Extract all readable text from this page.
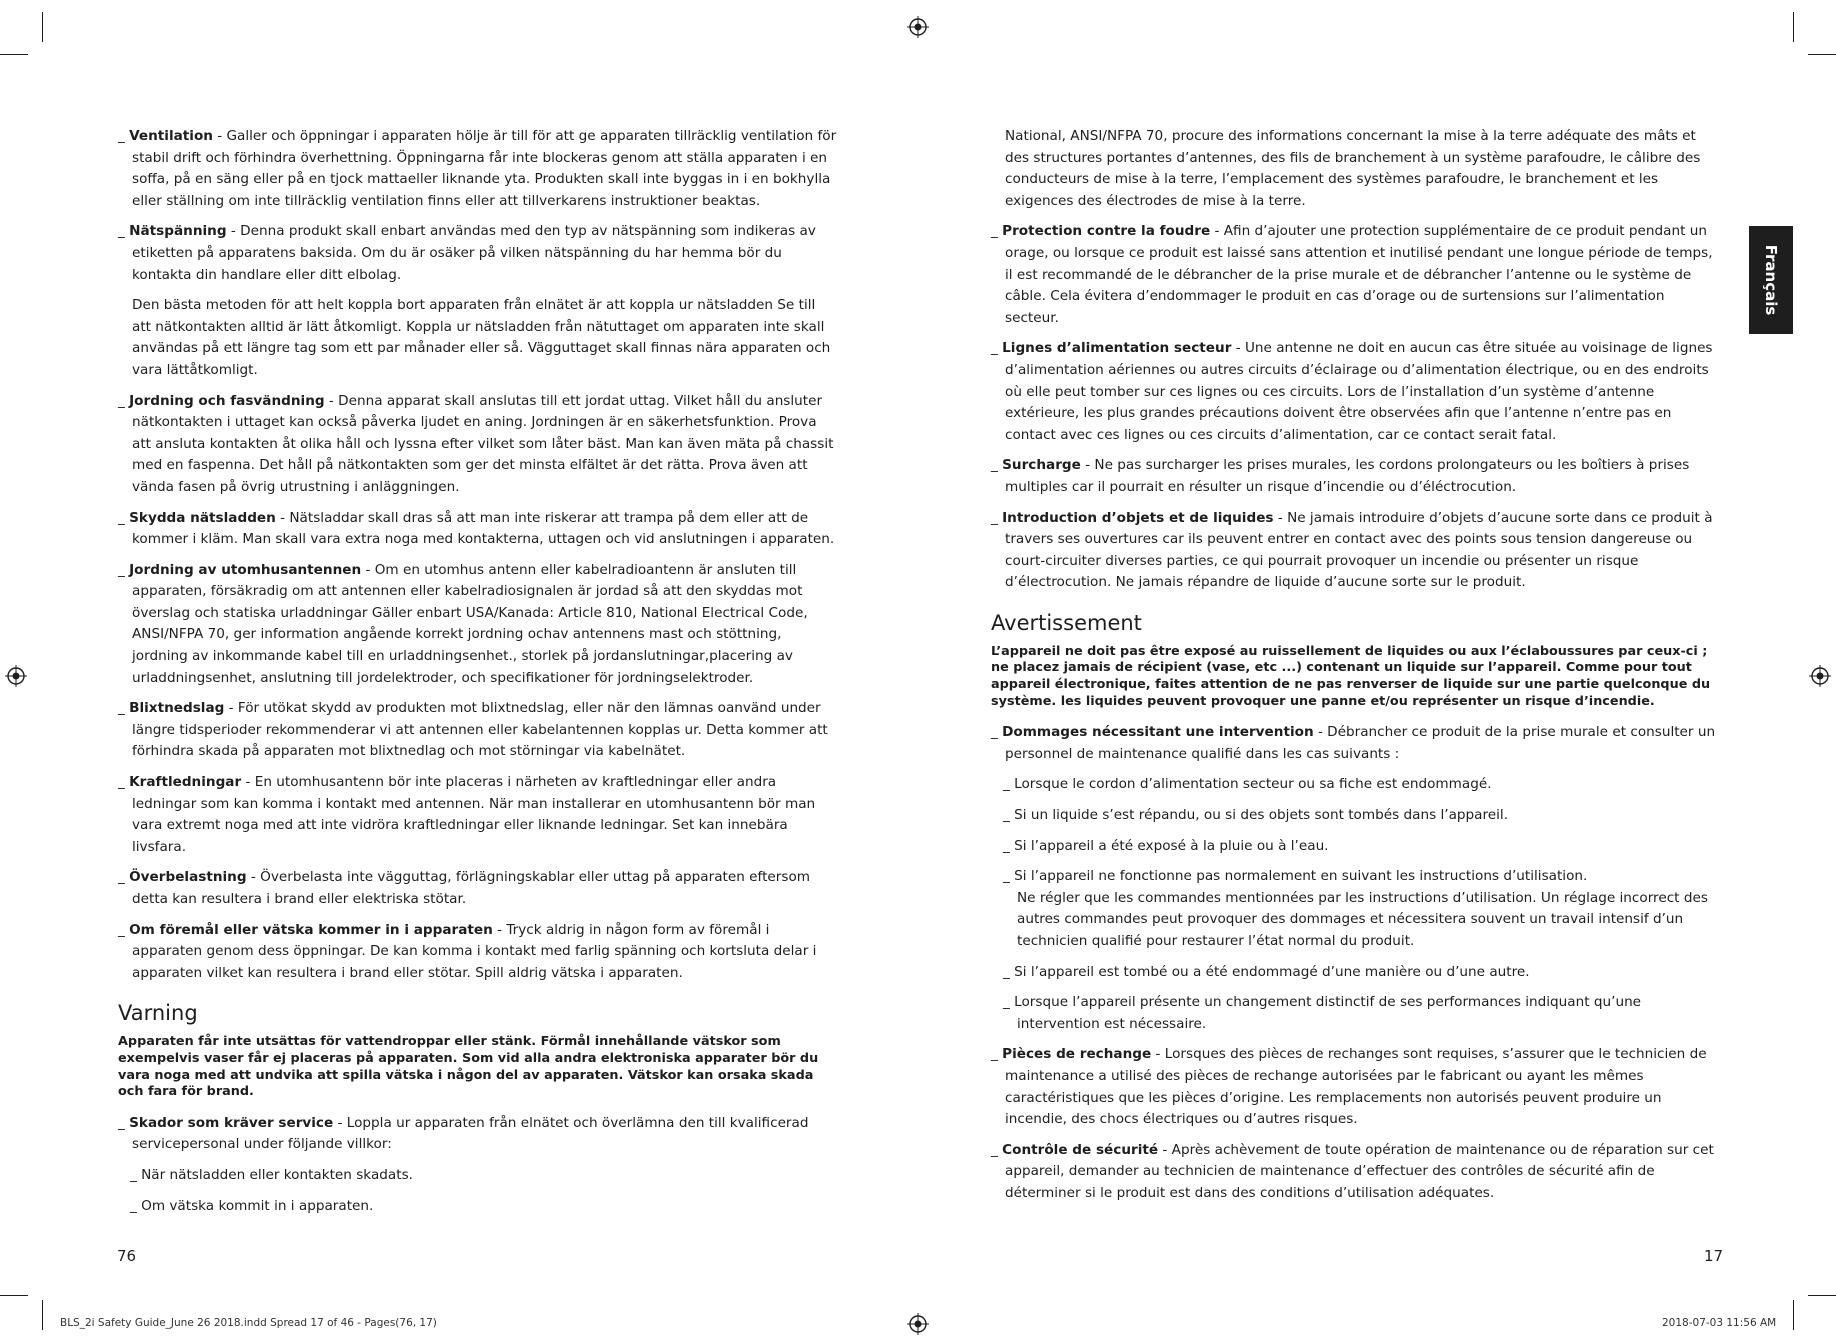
_ Ventilation - Galler och öppningar i apparaten hölje är till för att ge apparaten tillräcklig ventilation för stabil drift och förhindra överhettning. Öppningarna får inte blockeras genom att ställa apparaten i en soffa, på en säng eller på en tjock mattaeller liknande yta. Produkten skall inte byggas in i en bokhylla eller ställning om inte tillräcklig ventilation finns eller att tillverkarens instruktioner beaktas.

_ Nätspänning - Denna produkt skall enbart användas med den typ av nätspänning som indikeras av etiketten på apparatens baksida. Om du är osäker på vilken nätspänning du har hemma bör du kontakta din handlare eller ditt elbolag.

Den bästa metoden för att helt koppla bort apparaten från elnätet är att koppla ur nätsladden Se till att nätkontakten alltid är lätt åtkomligt. Koppla ur nätsladden från nätuttaget om apparaten inte skall användas på ett längre tag som ett par månader eller så. Vägguttaget skall finnas nära apparaten och vara lättåtkomligt.

_ Jordning och fasvändning - Denna apparat skall anslutas till ett jordat uttag. Vilket håll du ansluter nätkontakten i uttaget kan också påverka ljudet en aning. Jordningen är en säkerhetsfunktion. Prova att ansluta kontakten åt olika håll och lyssna efter vilket som låter bäst. Man kan även mäta på chassit med en faspenna. Det håll på nätkontakten som ger det minsta elfältet är det rätta. Prova även att vända fasen på övrig utrustning i anläggningen.

_ Skydda nätsladden - Nätsladdar skall dras så att man inte riskerar att trampa på dem eller att de kommer i kläm. Man skall vara extra noga med kontakterna, uttagen och vid anslutningen i apparaten.

_ Jordning av utomhusantennen - Om en utomhus antenn eller kabelradioantenn är ansluten till apparaten, försäkradig om att antennen eller kabelradiosignalen är jordad så att den skyddas mot överslag och statiska urladdningar Gäller enbart USA/Kanada: Article 810, National Electrical Code, ANSI/NFPA 70, ger information angående korrekt jordning ochav antennens mast och stöttning, jordning av inkommande kabel till en urladdningsenhet., storlek på jordanslutningar,placering av urladdningsenhet, anslutning till jordelektroder, och specifikationer för jordningselektroder.

_ Blixtnedslag - För utökat skydd av produkten mot blixtnedslag, eller när den lämnas oanvänd under längre tidsperioder rekommenderar vi att antennen eller kabelantennen kopplas ur. Detta kommer att förhindra skada på apparaten mot blixtnedlag och mot störningar via kabelnätet.

_ Kraftledningar - En utomhusantenn bör inte placeras i närheten av kraftledningar eller andra ledningar som kan komma i kontakt med antennen. När man installerar en utomhusantenn bör man vara extremt noga med att inte vidröra kraftledningar eller liknande ledningar. Set kan innebära livsfara.

_ Överbelastning - Överbelasta inte vägguttag, förlägningskablar eller uttag på apparaten eftersom detta kan resultera i brand eller elektriska stötar.

_ Om föremål eller vätska kommer in i apparaten - Tryck aldrig in någon form av föremål i apparaten genom dess öppningar. De kan komma i kontakt med farlig spänning och kortsluta delar i apparaten vilket kan resultera i brand eller stötar. Spill aldrig vätska i apparaten.

Varning

Apparaten får inte utsättas för vattendroppar eller stänk. Förmål innehållande vätskor som exempelvis vaser får ej placeras på apparaten. Som vid alla andra elektroniska apparater bör du vara noga med att undvika att spilla vätska i någon del av apparaten. Vätskor kan orsaka skada och fara för brand.

_ Skador som kräver service - Loppla ur apparaten från elnätet och överlämna den till kvalificerad servicepersonal under följande villkor:

_ När nätsladden eller kontakten skadats.

_ Om vätska kommit in i apparaten.

National, ANSI/NFPA 70, procure des informations concernant la mise à la terre adéquate des mâts et des structures portantes d’antennes, des fils de branchement à un système parafoudre, le câlibre des conducteurs de mise à la terre, l’emplacement des systèmes parafoudre, le branchement et les exigences des électrodes de mise à la terre.

_ Protection contre la foudre - Afin d’ajouter une protection supplémentaire de ce produit pendant un orage, ou lorsque ce produit est laissé sans attention et inutilisé pendant une longue période de temps, il est recommandé de le débrancher de la prise murale et de débrancher l’antenne ou le système de câble. Cela évitera d’endommager le produit en cas d’orage ou de surtensions sur l’alimentation secteur.

_ Lignes d’alimentation secteur - Une antenne ne doit en aucun cas être située au voisinage de lignes d’alimentation aériennes ou autres circuits d’éclairage ou d’alimentation électrique, ou en des endroits où elle peut tomber sur ces lignes ou ces circuits. Lors de l’installation d’un système d’antenne extérieure, les plus grandes précautions doivent être observées afin que l’antenne n’entre pas en contact avec ces lignes ou ces circuits d’alimentation, car ce contact serait fatal.

_ Surcharge - Ne pas surcharger les prises murales, les cordons prolongateurs ou les boîtiers à prises multiples car il pourrait en résulter un risque d’incendie ou d’éléctrocution.

_ Introduction d’objets et de liquides - Ne jamais introduire d’objets d’aucune sorte dans ce produit à travers ses ouvertures car ils peuvent entrer en contact avec des points sous tension dangereuse ou court-circuiter diverses parties, ce qui pourrait provoquer un incendie ou présenter un risque d’électrocution. Ne jamais répandre de liquide d’aucune sorte sur le produit.

Avertissement

L’appareil ne doit pas être exposé au ruissellement de liquides ou aux l’éclaboussures par ceux-ci ; ne placez jamais de récipient (vase, etc ...) contenant un liquide sur l’appareil. Comme pour tout appareil électronique, faites attention de ne pas renverser de liquide sur une partie quelconque du système. les liquides peuvent provoquer une panne et/ou représenter un risque d’incendie.

_ Dommages nécessitant une intervention - Débrancher ce produit de la prise murale et consulter un personnel de maintenance qualifié dans les cas suivants :

_ Lorsque le cordon d’alimentation secteur ou sa fiche est endommagé.

_ Si un liquide s’est répandu, ou si des objets sont tombés dans l’appareil.

_ Si l’appareil a été exposé à la pluie ou à l’eau.

_ Si l’appareil ne fonctionne pas normalement en suivant les instructions d’utilisation.
Ne régler que les commandes mentionnées par les instructions d’utilisation. Un réglage incorrect des autres commandes peut provoquer des dommages et nécessitera souvent un travail intensif d’un technicien qualifié pour restaurer l’état normal du produit.

_ Si l’appareil est tombé ou a été endommagé d’une manière ou d’une autre.

_ Lorsque l’appareil présente un changement distinctif de ses performances indiquant qu’une intervention est nécessaire.

_ Pièces de rechange - Lorsques des pièces de rechanges sont requises, s’assurer que le technicien de maintenance a utilisé des pièces de rechange autorisées par le fabricant ou ayant les mêmes caractéristiques que les pièces d’origine. Les remplacements non autorisés peuvent produire un incendie, des chocs électriques ou d’autres risques.

_ Contrôle de sécurité - Après achèvement de toute opération de maintenance ou de réparation sur cet appareil, demander au technicien de maintenance d’effectuer des contrôles de sécurité afin de déterminer si le produit est dans des conditions d’utilisation adéquates.

Français
76	17
BLS_2i Safety Guide_June 26 2018.indd Spread 17 of 46 - Pages(76, 17)	2018-07-03 11:56 AM
